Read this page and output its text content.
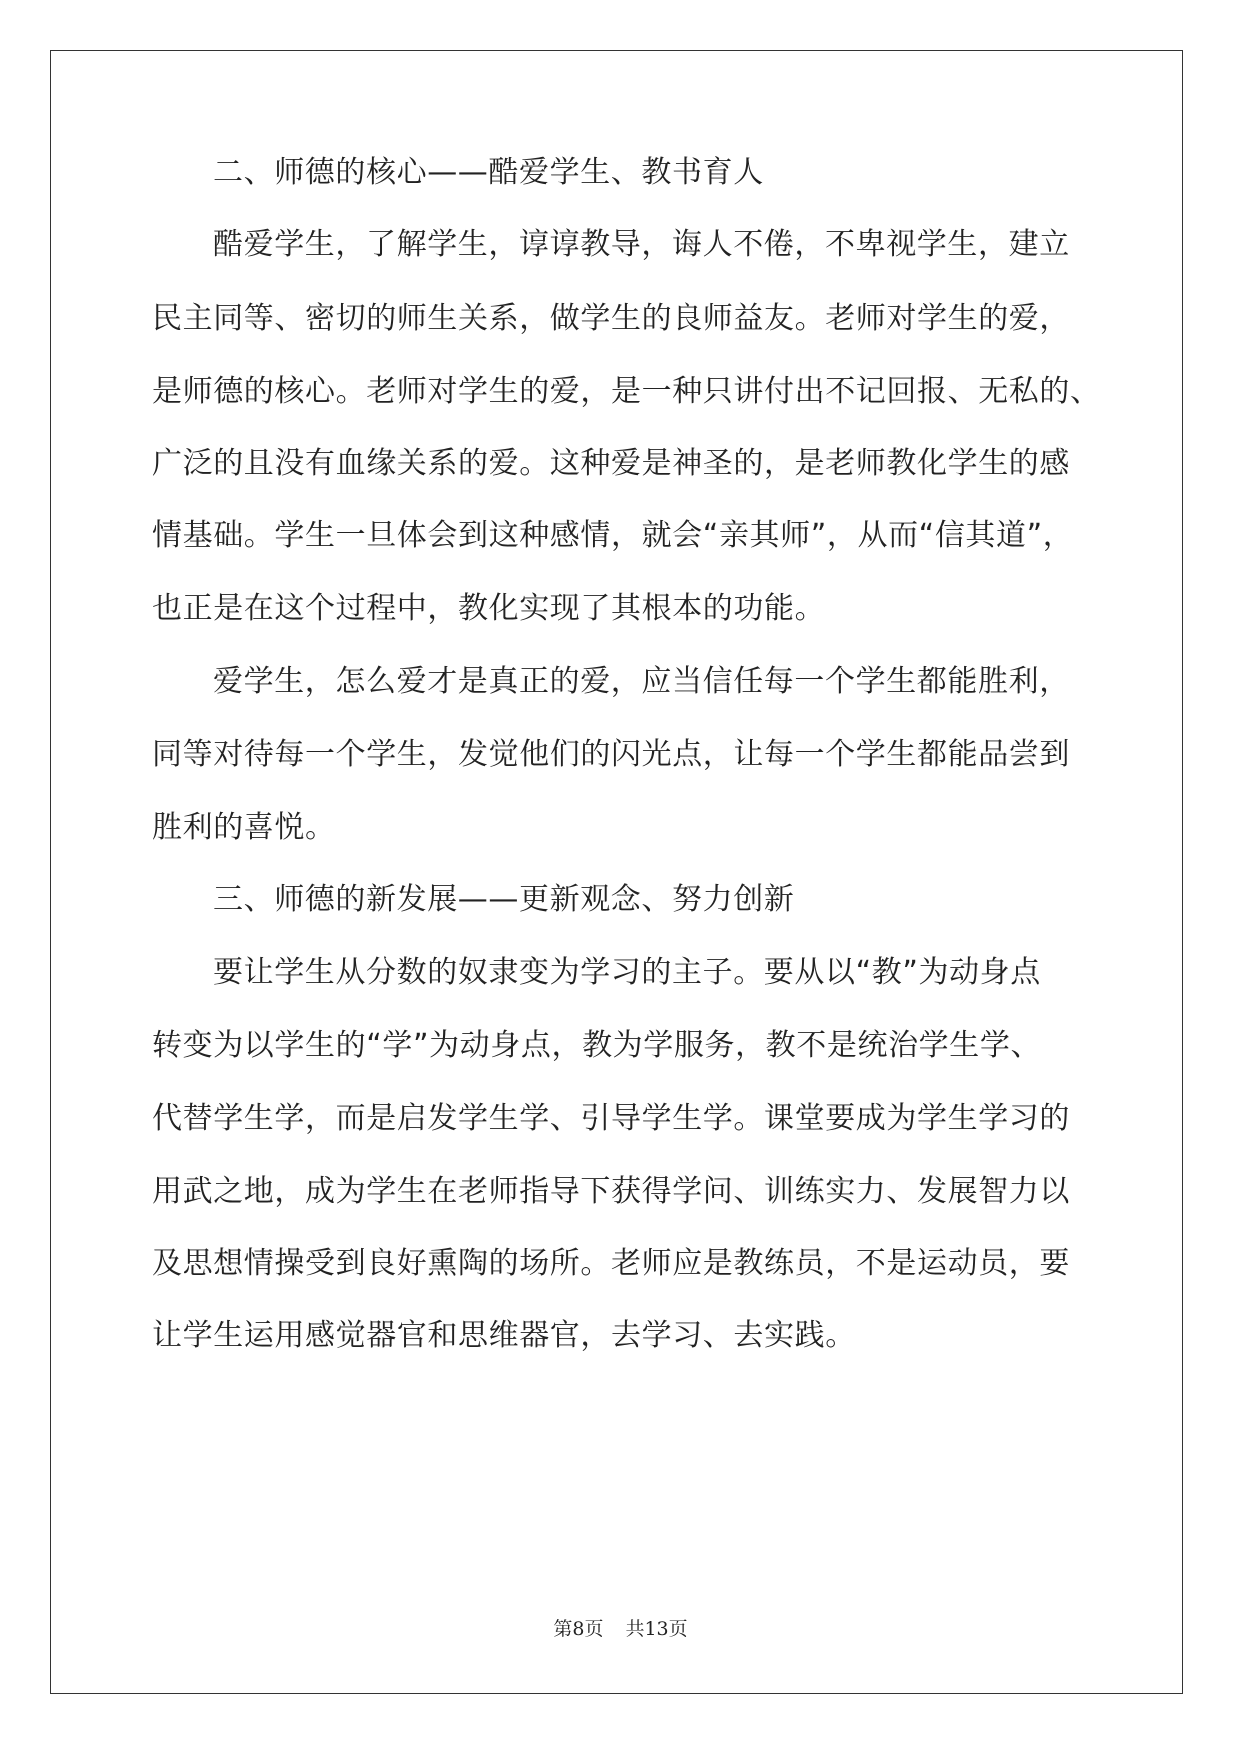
二、师德的核心——酷爱学生、教书育人
酷爱学生，了解学生，谆谆教导，诲人不倦，不卑视学生，建立
民主同等、密切的师生关系，做学生的良师益友。老师对学生的爱，
是师德的核心。老师对学生的爱，是一种只讲付出不记回报、无私的、
广泛的且没有血缘关系的爱。这种爱是神圣的，是老师教化学生的感
情基础。学生一旦体会到这种感情，就会“亲其师”，从而“信其道”，
也正是在这个过程中，教化实现了其根本的功能。
爱学生，怎么爱才是真正的爱，应当信任每一个学生都能胜利，
同等对待每一个学生，发觉他们的闪光点，让每一个学生都能品尝到
胜利的喜悦。
三、师德的新发展——更新观念、努力创新
要让学生从分数的奴隶变为学习的主子。要从以“教”为动身点
转变为以学生的“学”为动身点，教为学服务，教不是统治学生学、
代替学生学，而是启发学生学、引导学生学。课堂要成为学生学习的
用武之地，成为学生在老师指导下获得学问、训练实力、发展智力以
及思想情操受到良好熏陶的场所。老师应是教练员，不是运动员，要
让学生运用感觉器官和思维器官，去学习、去实践。
第8页 共13页
